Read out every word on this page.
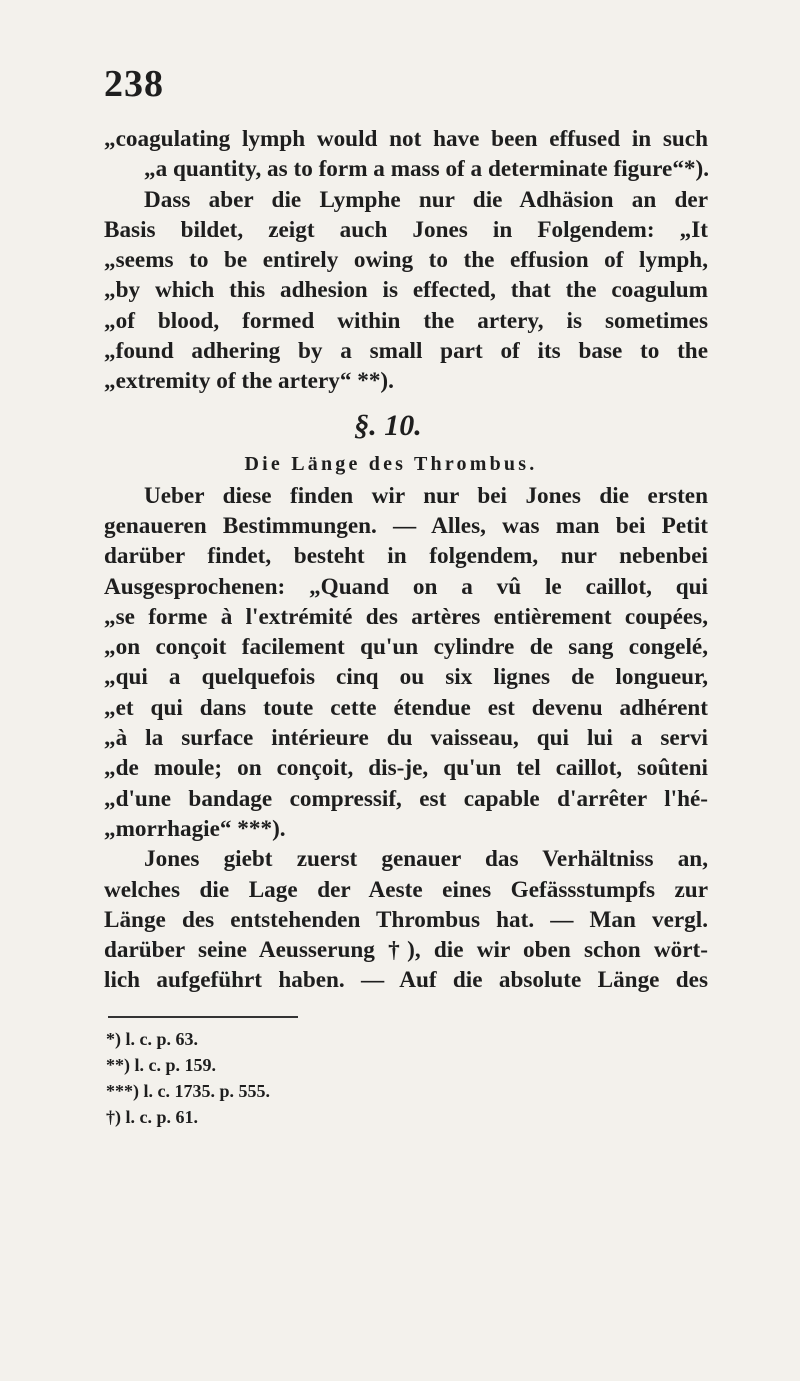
238
„coagulating lymph would not have been effused in such
„a quantity, as to form a mass of a determinate figure“*).
Dass aber die Lymphe nur die Adhäsion an der
Basis bildet, zeigt auch Jones in Folgendem: „It
„seems to be entirely owing to the effusion of lymph,
„by which this adhesion is effected, that the coagulum
„of blood, formed within the artery, is sometimes
„found adhering by a small part of its base to the
„extremity of the artery“ **).
§. 10.
Die Länge des Thrombus.
Ueber diese finden wir nur bei Jones die ersten
genaueren Bestimmungen. — Alles, was man bei Petit
darüber findet, besteht in folgendem, nur nebenbei
Ausgesprochenen: „Quand on a vû le caillot, qui
„se forme à l'extrémité des artères entièrement coupées,
„on conçoit facilement qu'un cylindre de sang congelé,
„qui a quelquefois cinq ou six lignes de longueur,
„et qui dans toute cette étendue est devenu adhérent
„à la surface intérieure du vaisseau, qui lui a servi
„de moule; on conçoit, dis-je, qu'un tel caillot, soûteni
„d'une bandage compressif, est capable d'arrêter l'hé-
„morrhagie“ ***).
Jones giebt zuerst genauer das Verhältniss an,
welches die Lage der Aeste eines Gefässstumpfs zur
Länge des entstehenden Thrombus hat. — Man vergl.
darüber seine Aeusserung †), die wir oben schon wört-
lich aufgeführt haben. — Auf die absolute Länge des
*) l. c. p. 63.
**) l. c. p. 159.
***) l. c. 1735. p. 555.
†) l. c. p. 61.
